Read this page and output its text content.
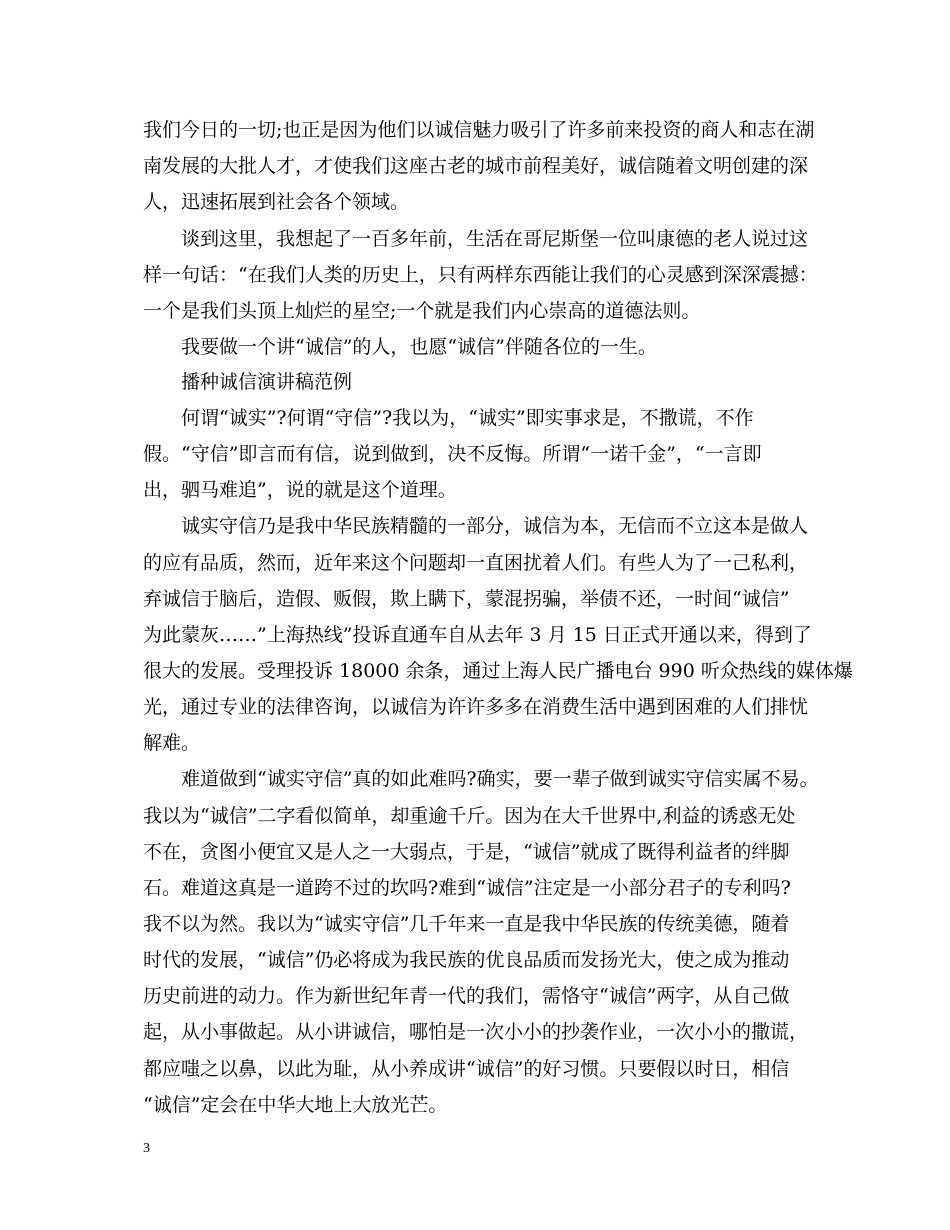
我们今日的一切;也正是因为他们以诚信魅力吸引了许多前来投资的商人和志在湖
南发展的大批人才，才使我们这座古老的城市前程美好，诚信随着文明创建的深
人，迅速拓展到社会各个领域。
谈到这里，我想起了一百多年前，生活在哥尼斯堡一位叫康德的老人说过这
样一句话：“在我们人类的历史上，只有两样东西能让我们的心灵感到深深震撼：
一个是我们头顶上灿烂的星空;一个就是我们内心崇高的道德法则。
我要做一个讲“诚信”的人，也愿“诚信”伴随各位的一生。
播种诚信演讲稿范例
何谓“诚实”?何谓“守信”?我以为，“诚实”即实事求是，不撒谎，不作
假。“守信”即言而有信，说到做到，决不反悔。所谓“一诺千金”，“一言即
出，驷马难追”，说的就是这个道理。
诚实守信乃是我中华民族精髓的一部分，诚信为本，无信而不立这本是做人
的应有品质，然而，近年来这个问题却一直困扰着人们。有些人为了一己私利，
弃诚信于脑后，造假、贩假，欺上瞒下，蒙混拐骗，举债不还，一时间“诚信”
为此蒙灰……”上海热线”投诉直通车自从去年 3 月 15 日正式开通以来，得到了
很大的发展。受理投诉 18000 余条，通过上海人民广播电台 990 听众热线的媒体爆
光，通过专业的法律咨询，以诚信为许许多多在消费生活中遇到困难的人们排忧
解难。
难道做到“诚实守信”真的如此难吗?确实，要一辈子做到诚实守信实属不易。
我以为“诚信”二字看似简单，却重逾千斤。因为在大千世界中,利益的诱惑无处
不在，贪图小便宜又是人之一大弱点，于是，“诚信”就成了既得利益者的绊脚
石。难道这真是一道跨不过的坎吗?难到“诚信”注定是一小部分君子的专利吗?
我不以为然。我以为“诚实守信”几千年来一直是我中华民族的传统美德，随着
时代的发展，“诚信”仍必将成为我民族的优良品质而发扬光大，使之成为推动
历史前进的动力。作为新世纪年青一代的我们，需恪守“诚信”两字，从自己做
起，从小事做起。从小讲诚信，哪怕是一次小小的抄袭作业，一次小小的撒谎，
都应嗤之以鼻，以此为耻，从小养成讲“诚信”的好习惯。只要假以时日，相信
“诚信”定会在中华大地上大放光芒。
3
